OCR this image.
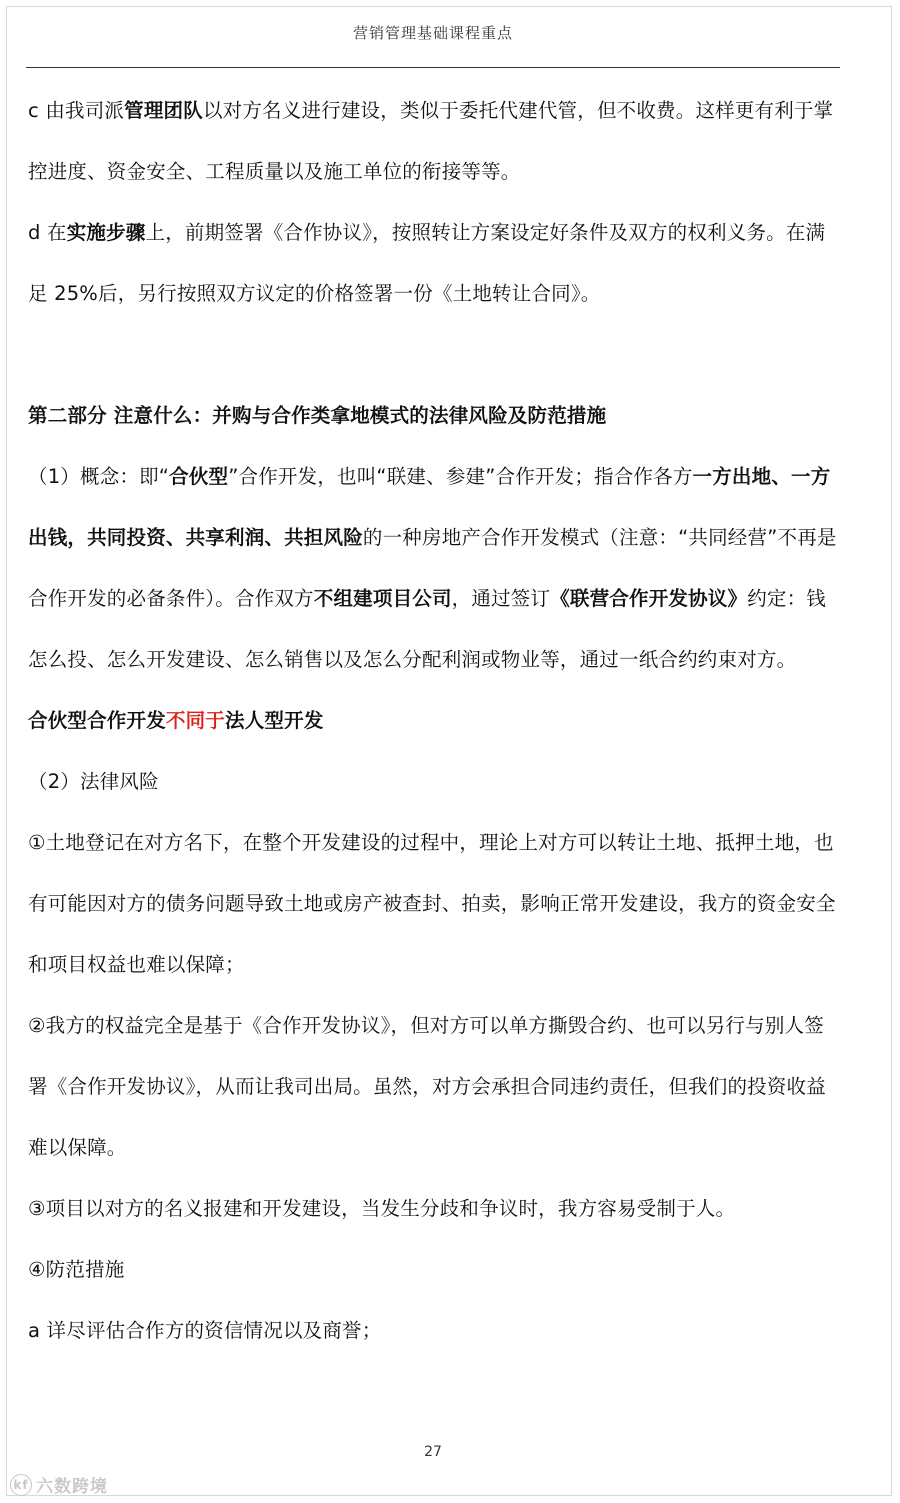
营销管理基础课程重点

c 由我司派管理团队以对方名义进行建设，类似于委托代建代管，但不收费。这样更有利于掌控进度、资金安全、工程质量以及施工单位的衔接等等。

d 在实施步骤上，前期签署《合作协议》，按照转让方案设定好条件及双方的权利义务。在满足 25%后，另行按照双方议定的价格签署一份《土地转让合同》。

第二部分 注意什么：并购与合作类拿地模式的法律风险及防范措施

（1）概念：即“合伙型”合作开发，也叫“联建、参建”合作开发；指合作各方一方出地、一方出钱，共同投资、共享利润、共担风险的一种房地产合作开发模式（注意：“共同经营”不再是合作开发的必备条件）。合作双方不组建项目公司，通过签订《联营合作开发协议》约定：钱怎么投、怎么开发建设、怎么销售以及怎么分配利润或物业等，通过一纸合约约束对方。

合伙型合作开发不同于法人型开发

（2）法律风险

①土地登记在对方名下，在整个开发建设的过程中，理论上对方可以转让土地、抵押土地，也有可能因对方的债务问题导致土地或房产被查封、拍卖，影响正常开发建设，我方的资金安全和项目权益也难以保障；

②我方的权益完全是基于《合作开发协议》，但对方可以单方撕毁合约、也可以另行与别人签署《合作开发协议》，从而让我司出局。虽然，对方会承担合同违约责任，但我们的投资收益难以保障。

③项目以对方的名义报建和开发建设，当发生分歧和争议时，我方容易受制于人。

④防范措施

a 详尽评估合作方的资信情况以及商誉；

27
kf 六数跨境
